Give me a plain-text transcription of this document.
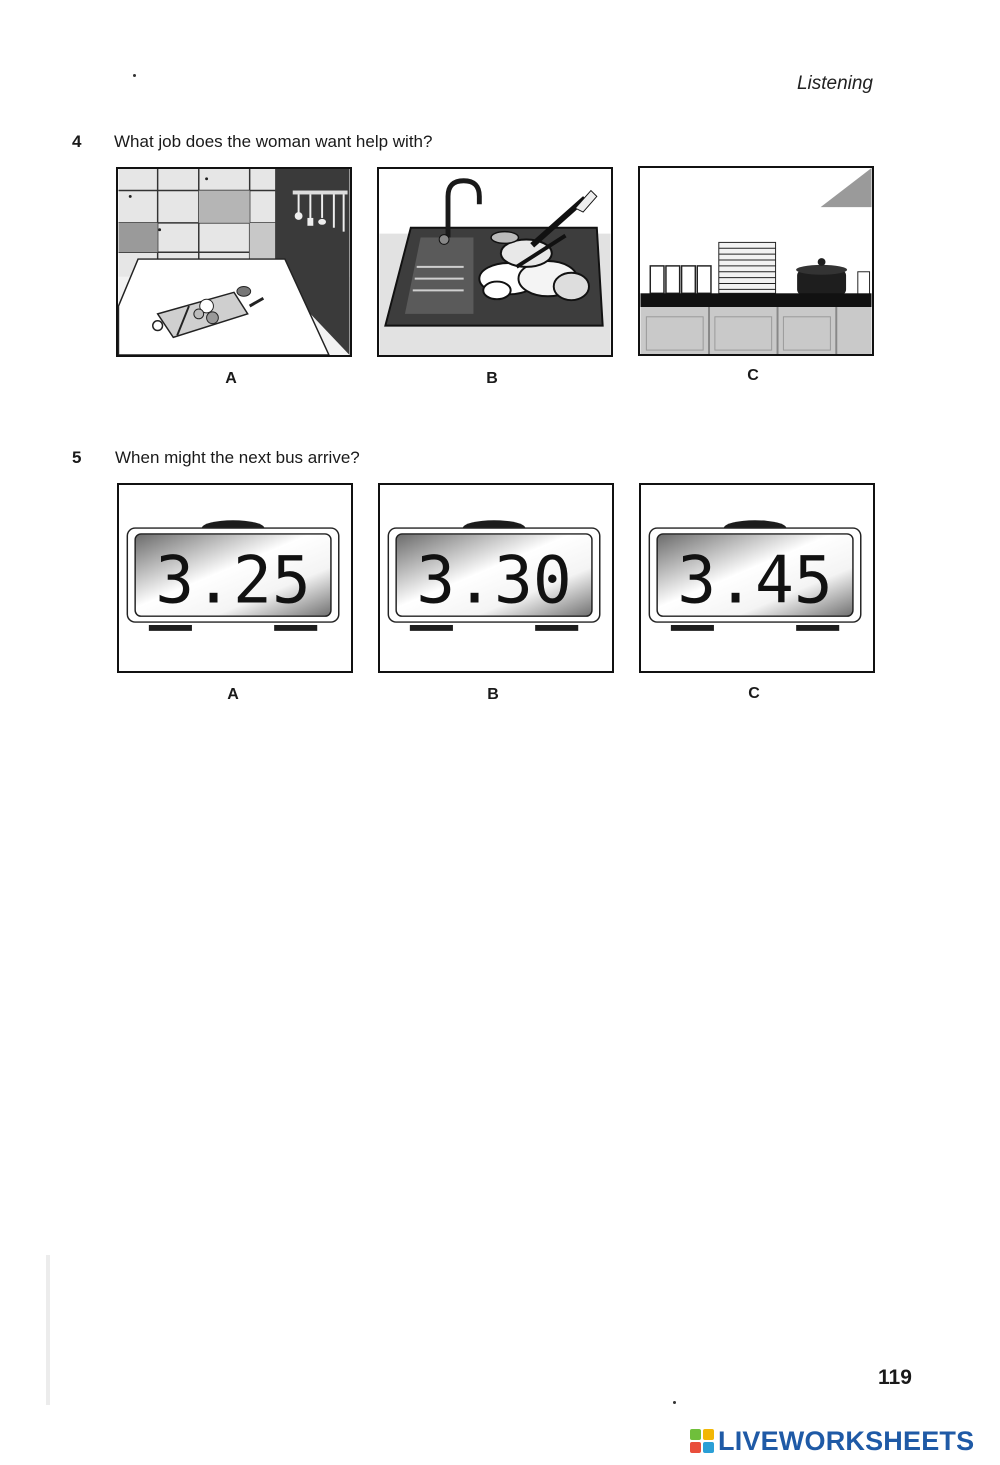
Listening
4 What job does the woman want help with?
A	B	C
5 When might the next bus arrive?
3.25
A
3.30
B
3.45
C
119
LIVEWORKSHEETS
